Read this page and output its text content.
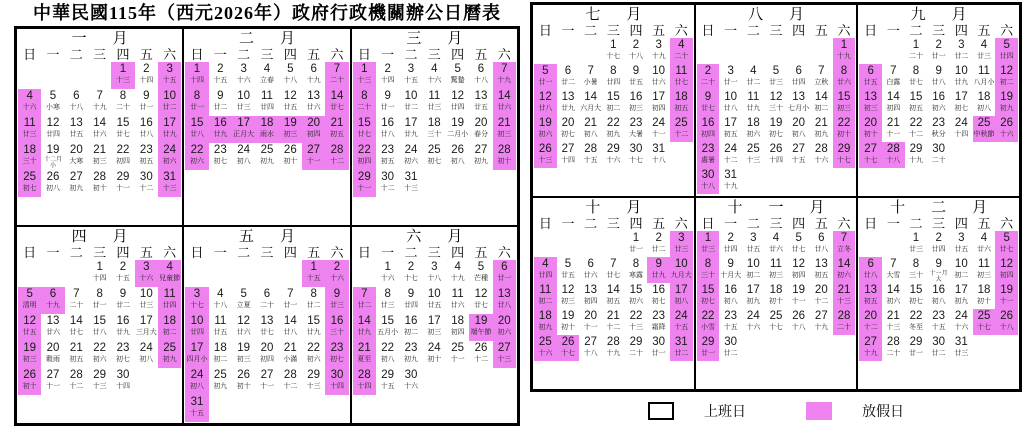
中華民國115年（西元2026年）政府行政機關辦公日曆表
一月
日 一 二 三 四 五 六
1
十三
2
十四
3
十五
4
十六
5
小寒
6
十八
7
十九
8
二十
9
廿一
10
廿二
11
廿三
12
廿四
13
廿五
14
廿六
15
廿七
16
廿八
17
廿九
18
三十
19
十二月小
20
大寒
21
初三
22
初四
23
初五
24
初六
25
初七
26
初八
27
初九
28
初十
29
十一
30
十二
31
十三
二月
日 一 二 三 四 五 六
1
十四
2
十五
3
十六
4
立春
5
十八
6
十九
7
二十
8
廿一
9
廿二
10
廿三
11
廿四
12
廿五
13
廿六
14
廿七
15
廿八
16
廿九
17
正月大
18
雨水
19
初三
20
初四
21
初五
22
初六
23
初七
24
初八
25
初九
26
初十
27
十一
28
十二
三月
日 一 二 三 四 五 六
1
十三
2
十四
3
十五
4
十六
5
驚蟄
6
十八
7
十九
8
二十
9
廿一
10
廿二
11
廿三
12
廿四
13
廿五
14
廿六
15
廿七
16
廿八
17
廿九
18
三十
19
二月小
20
春分
21
初三
22
初四
23
初五
24
初六
25
初七
26
初八
27
初九
28
初十
29
十一
30
十二
31
十三
四月
日 一 二 三 四 五 六
1
十四
2
十五
3
十六
4
兒童節
5
清明
6
十九
7
二十
8
廿一
9
廿二
10
廿三
11
廿四
12
廿五
13
廿六
14
廿七
15
廿八
16
廿九
17
三月大
18
初二
19
初三
20
穀雨
21
初五
22
初六
23
初七
24
初八
25
初九
26
初十
27
十一
28
十二
29
十三
30
十四
五月
日 一 二 三 四 五 六
1
十五
2
十六
3
十七
4
十八
5
立夏
6
二十
7
廿一
8
廿二
9
廿三
10
廿四
11
廿五
12
廿六
13
廿七
14
廿八
15
廿九
16
三十
17
四月小
18
初二
19
初三
20
初四
21
小滿
22
初六
23
初七
24
初八
25
初九
26
初十
27
十一
28
十二
29
十三
30
十四
31
十五
六月
日 一 二 三 四 五 六
1
十六
2
十七
3
十八
4
十九
5
芒種
6
廿一
7
廿二
8
廿三
9
廿四
10
廿五
11
廿六
12
廿七
13
廿八
14
廿九
15
五月小
16
初二
17
初三
18
初四
19
端午節
20
初六
21
夏至
22
初八
23
初九
24
初十
25
十一
26
十二
27
十三
28
十四
29
十五
30
十六
七月
日 一 二 三 四 五 六
1
十七
2
十八
3
十九
4
二十
5
廿一
6
廿二
7
小暑
8
廿四
9
廿五
10
廿六
11
廿七
12
廿八
13
廿九
14
六月大
15
初二
16
初三
17
初四
18
初五
19
初六
20
初七
21
初八
22
初九
23
大暑
24
十一
25
十二
26
十三
27
十四
28
十五
29
十六
30
十七
31
十八
八月
日 一 二 三 四 五 六
1
十九
2
二十
3
廿一
4
廿二
5
廿三
6
廿四
7
立秋
8
廿六
9
廿七
10
廿八
11
廿九
12
三十
13
七月小
14
初二
15
初三
16
初四
17
初五
18
初六
19
初七
20
初八
21
初九
22
初十
23
處暑
24
十二
25
十三
26
十四
27
十五
28
十六
29
十七
30
十八
31
十九
九月
日 一 二 三 四 五 六
1
二十
2
廿一
3
廿二
4
廿三
5
廿四
6
廿五
7
白露
8
廿七
9
廿八
10
廿九
11
八月小
12
初二
13
初三
14
初四
15
初五
16
初六
17
初七
18
初八
19
初九
20
初十
21
十一
22
十二
23
秋分
24
十四
25
中秋節
26
十六
27
十七
28
十八
29
十九
30
二十
十月
日 一 二 三 四 五 六
1
廿一
2
廿二
3
廿三
4
廿四
5
廿五
6
廿六
7
廿七
8
寒露
9
廿九
10
九月大
11
初二
12
初三
13
初四
14
初五
15
初六
16
初七
17
初八
18
初九
19
初十
20
十一
21
十二
22
十三
23
霜降
24
十五
25
十六
26
十七
27
十八
28
十九
29
二十
30
廿一
31
廿二
十一月
日 一 二 三 四 五 六
1
廿三
2
廿四
3
廿五
4
廿六
5
廿七
6
廿八
7
立冬
8
三十
9
十月大
10
初二
11
初三
12
初四
13
初五
14
初六
15
初七
16
初八
17
初九
18
初十
19
十一
20
十二
21
十三
22
小雪
23
十五
24
十六
25
十七
26
十八
27
十九
28
二十
29
廿一
30
廿二
十二月
日 一 二 三 四 五 六
1
廿三
2
廿四
3
廿五
4
廿六
5
廿七
6
廿八
7
大雪
8
三十
9
十一月大
10
初二
11
初三
12
初四
13
初五
14
初六
15
初七
16
初八
17
初九
18
初十
19
十一
20
十二
21
十三
22
冬至
23
十五
24
十六
25
十七
26
十八
27
十九
28
二十
29
廿一
30
廿二
31
廿三
上班日	放假日
